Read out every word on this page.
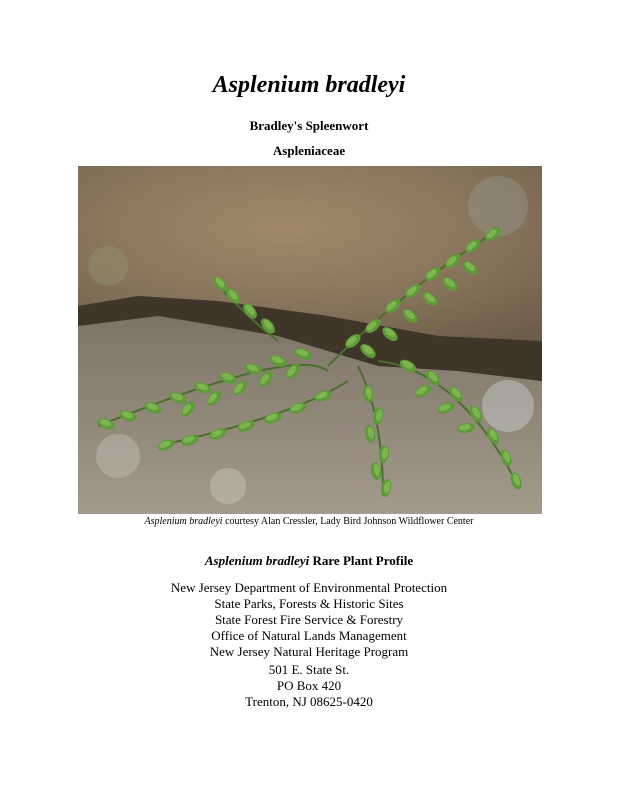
Asplenium bradleyi
Bradley's Spleenwort
Aspleniaceae
Asplenium bradleyi courtesy Alan Cressler, Lady Bird Johnson Wildflower Center
Asplenium bradleyi Rare Plant Profile
New Jersey Department of Environmental Protection
State Parks, Forests & Historic Sites
State Forest Fire Service & Forestry
Office of Natural Lands Management
New Jersey Natural Heritage Program
501 E. State St.
PO Box 420
Trenton, NJ 08625-0420
